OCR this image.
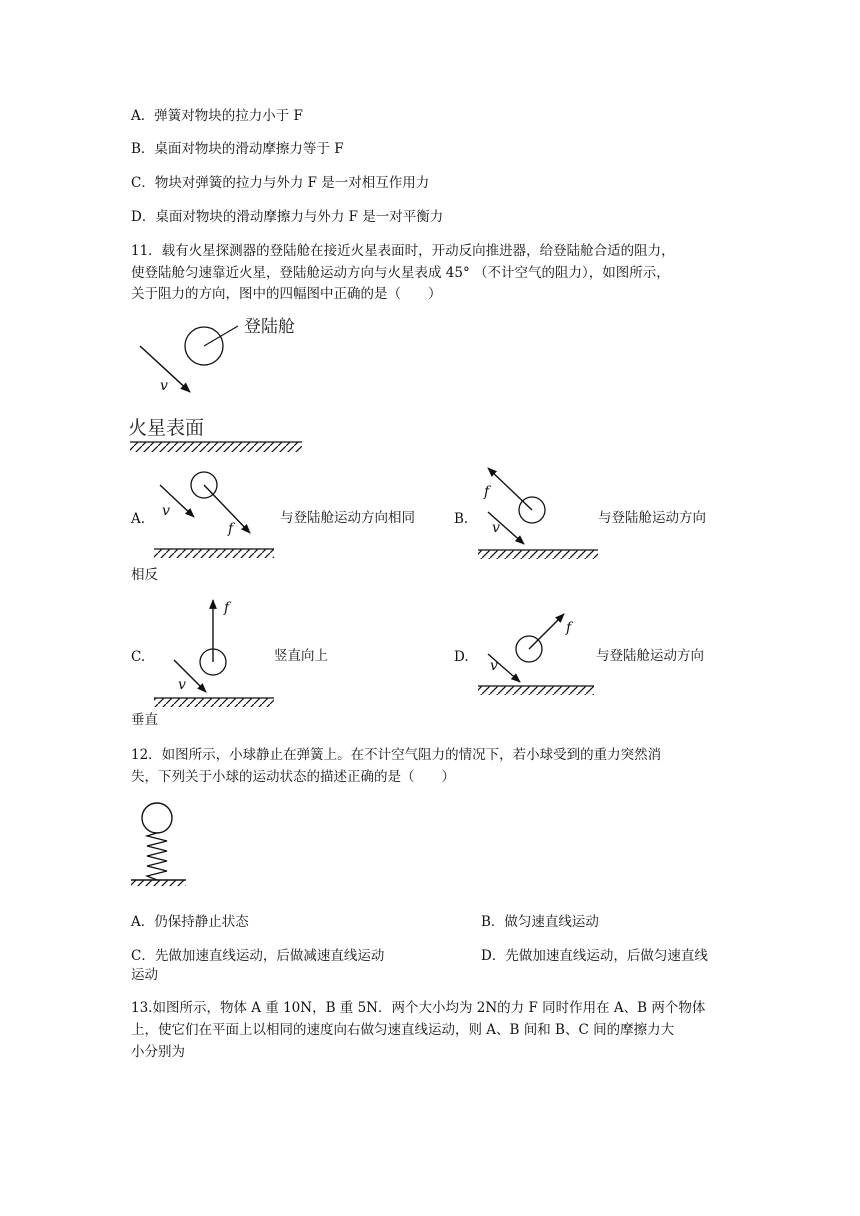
A．弹簧对物块的拉力小于 F
B．桌面对物块的滑动摩擦力等于 F
C．物块对弹簧的拉力与外力 F 是一对相互作用力
D．桌面对物块的滑动摩擦力与外力 F 是一对平衡力
11．载有火星探测器的登陆舱在接近火星表面时，开动反向推进器，给登陆舱合适的阻力，
使登陆舱匀速靠近火星，登陆舱运动方向与火星表成 45° （不计空气的阻力），如图所示，
关于阻力的方向，图中的四幅图中正确的是（　　）
登陆舱
v
火星表面
A. v
f
与登陆舱运动方向相同	B.
f
v
与登陆舱运动方向
相反
C.
f
v
竖直向上
垂直
D.
f
v
与登陆舱运动方向
12．如图所示，小球静止在弹簧上。在不计空气阻力的情况下，若小球受到的重力突然消
失，下列关于小球的运动状态的描述正确的是（　　）
A．仍保持静止状态	B．做匀速直线运动
C．先做加速直线运动，后做减速直线运动	D．先做加速直线运动，后做匀速直线
运动
13.如图所示，物体 A 重 10N，B 重 5N．两个大小均为 2N的力 F 同时作用在 A、B 两个物体
上，使它们在平面上以相同的速度向右做匀速直线运动，则 A、B 间和 B、C 间的摩擦力大
小分别为
